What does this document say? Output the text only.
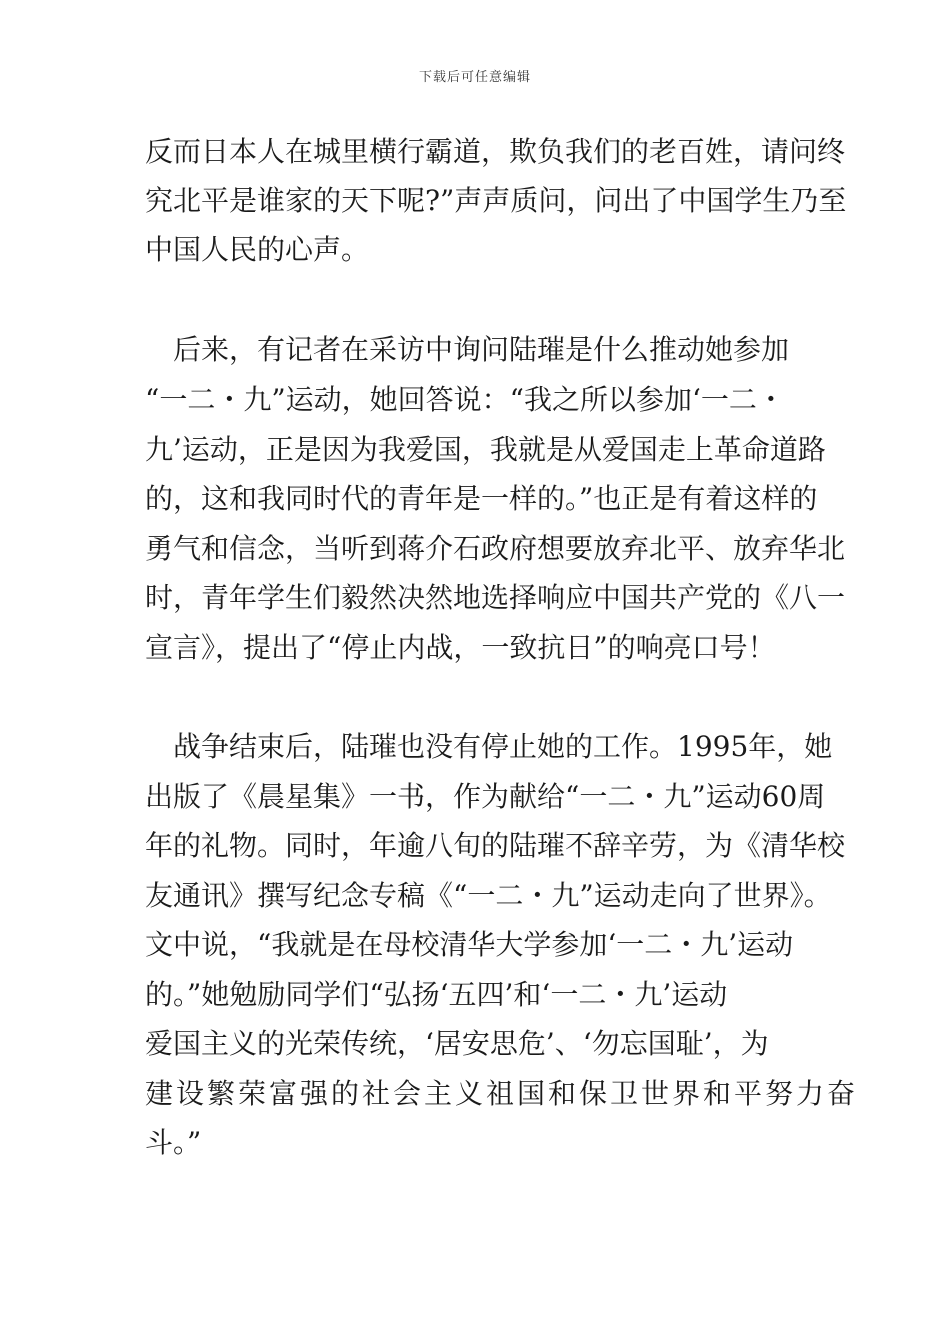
下载后可任意编辑
反而日本人在城里横行霸道，欺负我们的老百姓，请问终
究北平是谁家的天下呢?”声声质问，问出了中国学生乃至
中国人民的心声。
　后来，有记者在采访中询问陆璀是什么推动她参加
“一二・九”运动，她回答说：“我之所以参加‘一二・
九’运动，正是因为我爱国，我就是从爱国走上革命道路
的，这和我同时代的青年是一样的。”也正是有着这样的
勇气和信念，当听到蒋介石政府想要放弃北平、放弃华北
时，青年学生们毅然决然地选择响应中国共产党的《八一
宣言》，提出了“停止内战，一致抗日”的响亮口号！
　战争结束后，陆璀也没有停止她的工作。1995年，她
出版了《晨星集》一书，作为献给“一二・九”运动60周
年的礼物。同时，年逾八旬的陆璀不辞辛劳，为《清华校
友通讯》撰写纪念专稿《“一二・九”运动走向了世界》。
文中说，“我就是在母校清华大学参加‘一二・九’运动
的。”她勉励同学们“弘扬‘五四’和‘一二・九’运动
爱国主义的光荣传统，‘居安思危’、‘勿忘国耻’，为
建设繁荣富强的社会主义祖国和保卫世界和平努力奋
斗。”
